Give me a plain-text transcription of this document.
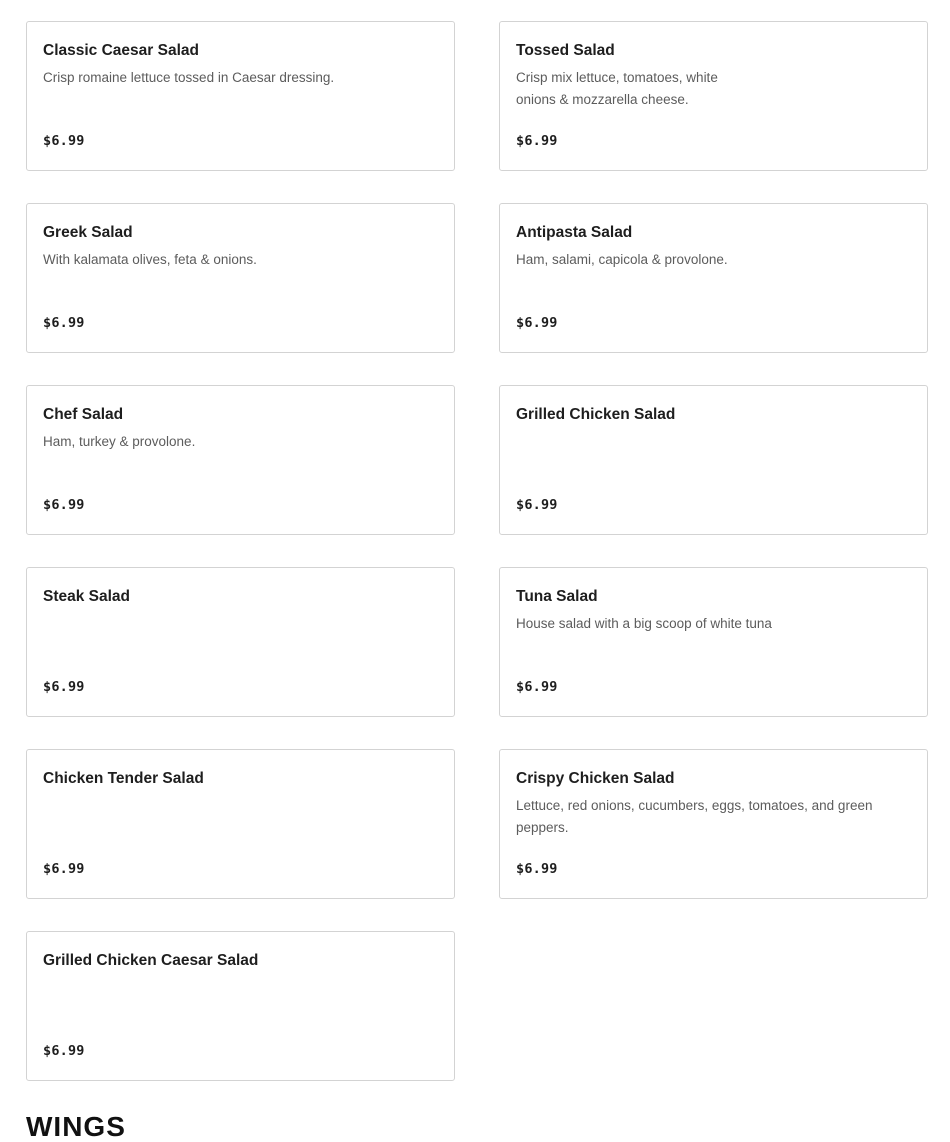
Classic Caesar Salad
Crisp romaine lettuce tossed in Caesar dressing.
$6.99
Tossed Salad
Crisp mix lettuce, tomatoes, white onions & mozzarella cheese.
$6.99
Greek Salad
With kalamata olives, feta & onions.
$6.99
Antipasta Salad
Ham, salami, capicola & provolone.
$6.99
Chef Salad
Ham, turkey & provolone.
$6.99
Grilled Chicken Salad
$6.99
Steak Salad
$6.99
Tuna Salad
House salad with a big scoop of white tuna
$6.99
Chicken Tender Salad
$6.99
Crispy Chicken Salad
Lettuce, red onions, cucumbers, eggs, tomatoes, and green peppers.
$6.99
Grilled Chicken Caesar Salad
$6.99
WINGS
